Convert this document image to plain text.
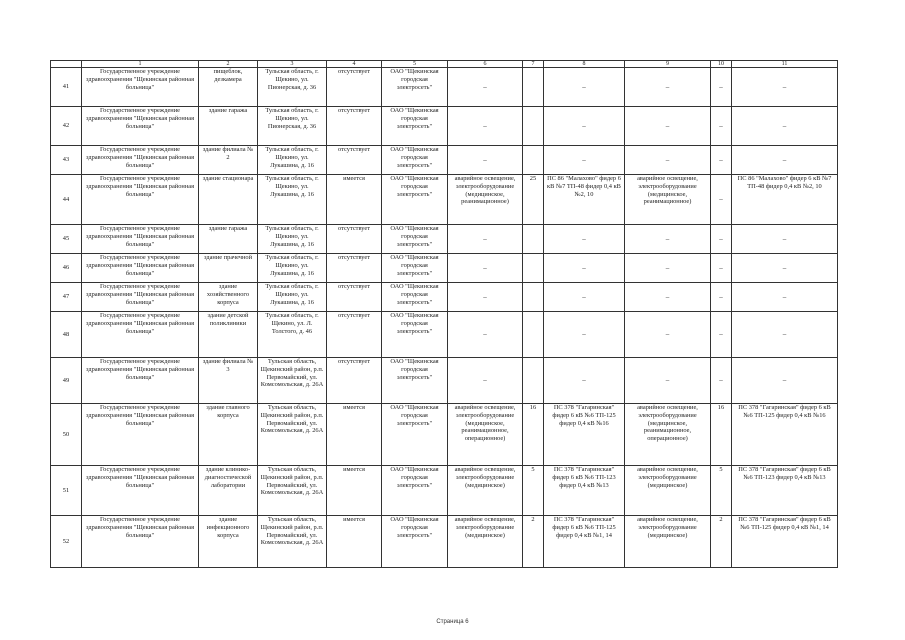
	1	2	3	4	5	6	7	8	9	10	11
41	Государственное учреждение здравоохранения "Щекинская районная больница"	пищеблок, дезкамера	Тульская область, г. Щекино, ул. Пионерская, д. 36	отсутствует	ОАО "Щекинская городская электросеть"	–		–	–	–	–
42	Государственное учреждение здравоохранения "Щекинская районная больница"	здание гаража	Тульская область, г. Щекино, ул. Пионерская, д. 36	отсутствует	ОАО "Щекинская городская электросеть"	–		–	–	–	–
43	Государственное учреждение здравоохранения "Щекинская районная больница"	здание филиала № 2	Тульская область, г. Щекино, ул. Лукашина, д. 16	отсутствует	ОАО "Щекинская городская электросеть"	–		–	–	–	–
44	Государственное учреждение здравоохранения "Щекинская районная больница"	здание стационара	Тульская область, г. Щекино, ул. Лукашина, д. 16	имеется	ОАО "Щекинская городская электросеть"	аварийное освещение, электрооборудование (медицинское, реанимационное)	25	ПС 86 "Малахово" фидер 6 кВ №7 ТП-48 фидер 0,4 кВ №2, 10	аварийное освещение, электрооборудование (медицинское, реанимационное)	–	ПС 86 "Малахово" фидер 6 кВ №7 ТП-48 фидер 0,4 кВ №2, 10
45	Государственное учреждение здравоохранения "Щекинская районная больница"	здание гаража	Тульская область, г. Щекино, ул. Лукашина, д. 16	отсутствует	ОАО "Щекинская городская электросеть"	–		–	–	–	–
46	Государственное учреждение здравоохранения "Щекинская районная больница"	здание прачечной	Тульская область, г. Щекино, ул. Лукашина, д. 16	отсутствует	ОАО "Щекинская городская электросеть"	–		–	–	–	–
47	Государственное учреждение здравоохранения "Щекинская районная больница"	здание хозяйственного корпуса	Тульская область, г. Щекино, ул. Лукашина, д. 16	отсутствует	ОАО "Щекинская городская электросеть"	–		–	–	–	–
48	Государственное учреждение здравоохранения "Щекинская районная больница"	здание детской поликлиники	Тульская область, г. Щекино, ул. Л. Толстого, д. 46	отсутствует	ОАО "Щекинская городская электросеть"	–		–	–	–	–
49	Государственное учреждение здравоохранения "Щекинская районная больница"	здание филиала № 3	Тульская область, Щекинский район, р.п. Первомайский, ул. Комсомольская, д. 26А	отсутствует	ОАО "Щекинская городская электросеть"	–		–	–	–	–
50	Государственное учреждение здравоохранения "Щекинская районная больница"	здание главного корпуса	Тульская область, Щекинский район, р.п. Первомайский, ул. Комсомольская, д. 26А	имеется	ОАО "Щекинская городская электросеть"	аварийное освещение, электрооборудование (медицинское, реанимационное, операционное)	16	ПС 378 "Гагаринская" фидер 6 кВ №6 ТП-125 фидер 0,4 кВ №16	аварийное освещение, электрооборудование (медицинское, реанимационное, операционное)	16	ПС 378 "Гагаринская" фидер 6 кВ №6 ТП-125 фидер 0,4 кВ №16
51	Государственное учреждение здравоохранения "Щекинская районная больница"	здание клинико-диагностической лаборатории	Тульская область, Щекинский район, р.п. Первомайский, ул. Комсомольская, д. 26А	имеется	ОАО "Щекинская городская электросеть"	аварийное освещение, электрооборудование (медицинское)	5	ПС 378 "Гагаринская" фидер 6 кВ №6 ТП-123 фидер 0,4 кВ №13	аварийное освещение, электрооборудование (медицинское)	5	ПС 378 "Гагаринская" фидер 6 кВ №6 ТП-123 фидер 0,4 кВ №13
52	Государственное учреждение здравоохранения "Щекинская районная больница"	здание инфекционного корпуса	Тульская область, Щекинский район, р.п. Первомайский, ул. Комсомольская, д. 26А	имеется	ОАО "Щекинская городская электросеть"	аварийное освещение, электрооборудование (медицинское)	2	ПС 378 "Гагаринская" фидер 6 кВ №6 ТП-125 фидер 0,4 кВ №1, 14	аварийное освещение, электрооборудование (медицинское)	2	ПС 378 "Гагаринская" фидер 6 кВ №6 ТП-125 фидер 0,4 кВ №1, 14
Страница 6
